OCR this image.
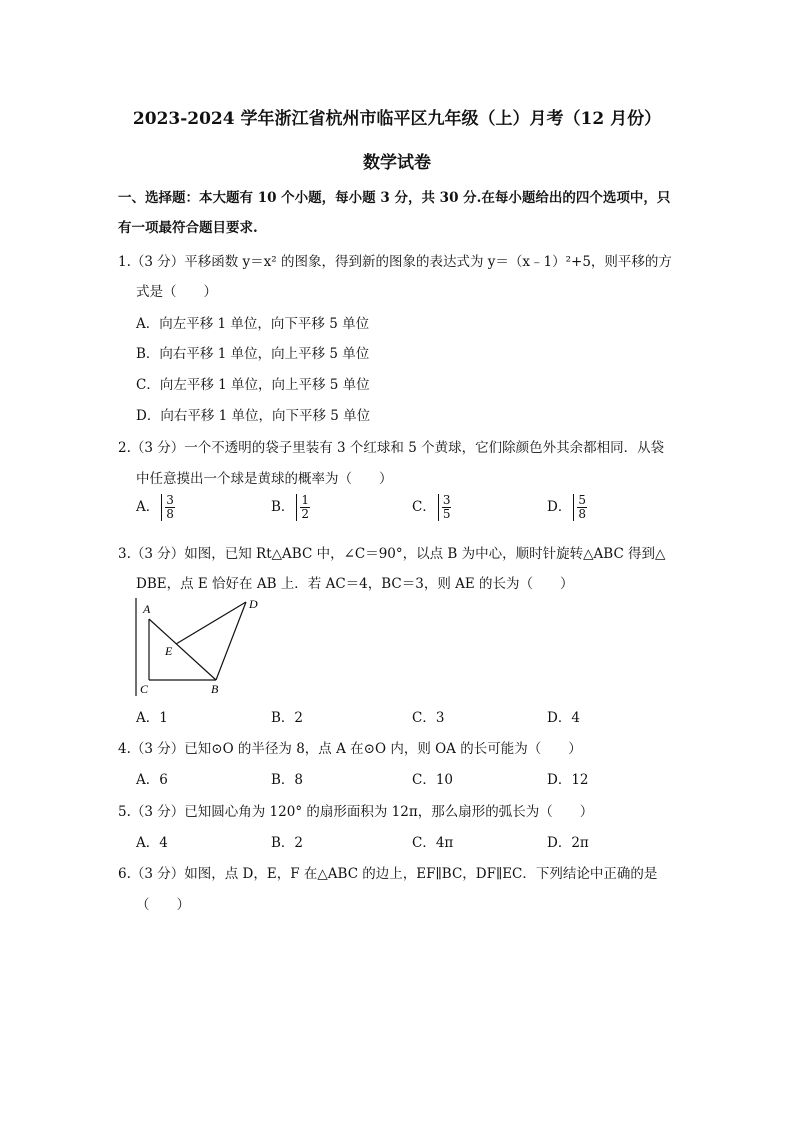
2023-2024 学年浙江省杭州市临平区九年级（上）月考（12 月份）
数学试卷
一、选择题：本大题有 10 个小题，每小题 3 分，共 30 分.在每小题给出的四个选项中，只
有一项最符合题目要求.
1.（3 分）平移函数 y＝x² 的图象，得到新的图象的表达式为 y＝（x﹣1）²+5，则平移的方
式是（　　）
A．向左平移 1 单位，向下平移 5 单位
B．向右平移 1 单位，向上平移 5 单位
C．向左平移 1 单位，向上平移 5 单位
D．向右平移 1 单位，向下平移 5 单位
2.（3 分）一个不透明的袋子里装有 3 个红球和 5 个黄球，它们除颜色外其余都相同．从袋
中任意摸出一个球是黄球的概率为（　　）
A． $\frac{3}{8}$	B． $\frac{1}{2}$	C． $\frac{3}{5}$	D． $\frac{5}{8}$
3.（3 分）如图，已知 Rt△ABC 中，∠C＝90°，以点 B 为中心，顺时针旋转△ABC 得到△
DBE，点 E 恰好在 AB 上．若 AC＝4，BC＝3，则 AE 的长为（　　）
A
C	B
D
E
A．1	B．2	C．3	D．4
4.（3 分）已知⊙O 的半径为 8，点 A 在⊙O 内，则 OA 的长可能为（　　）
A．6	B．8	C．10	D．12
5.（3 分）已知圆心角为 120° 的扇形面积为 12π，那么扇形的弧长为（　　）
A．4	B．2	C．4π	D．2π
6.（3 分）如图，点 D，E，F 在△ABC 的边上，EF∥BC，DF∥EC．下列结论中正确的是
（　　）
